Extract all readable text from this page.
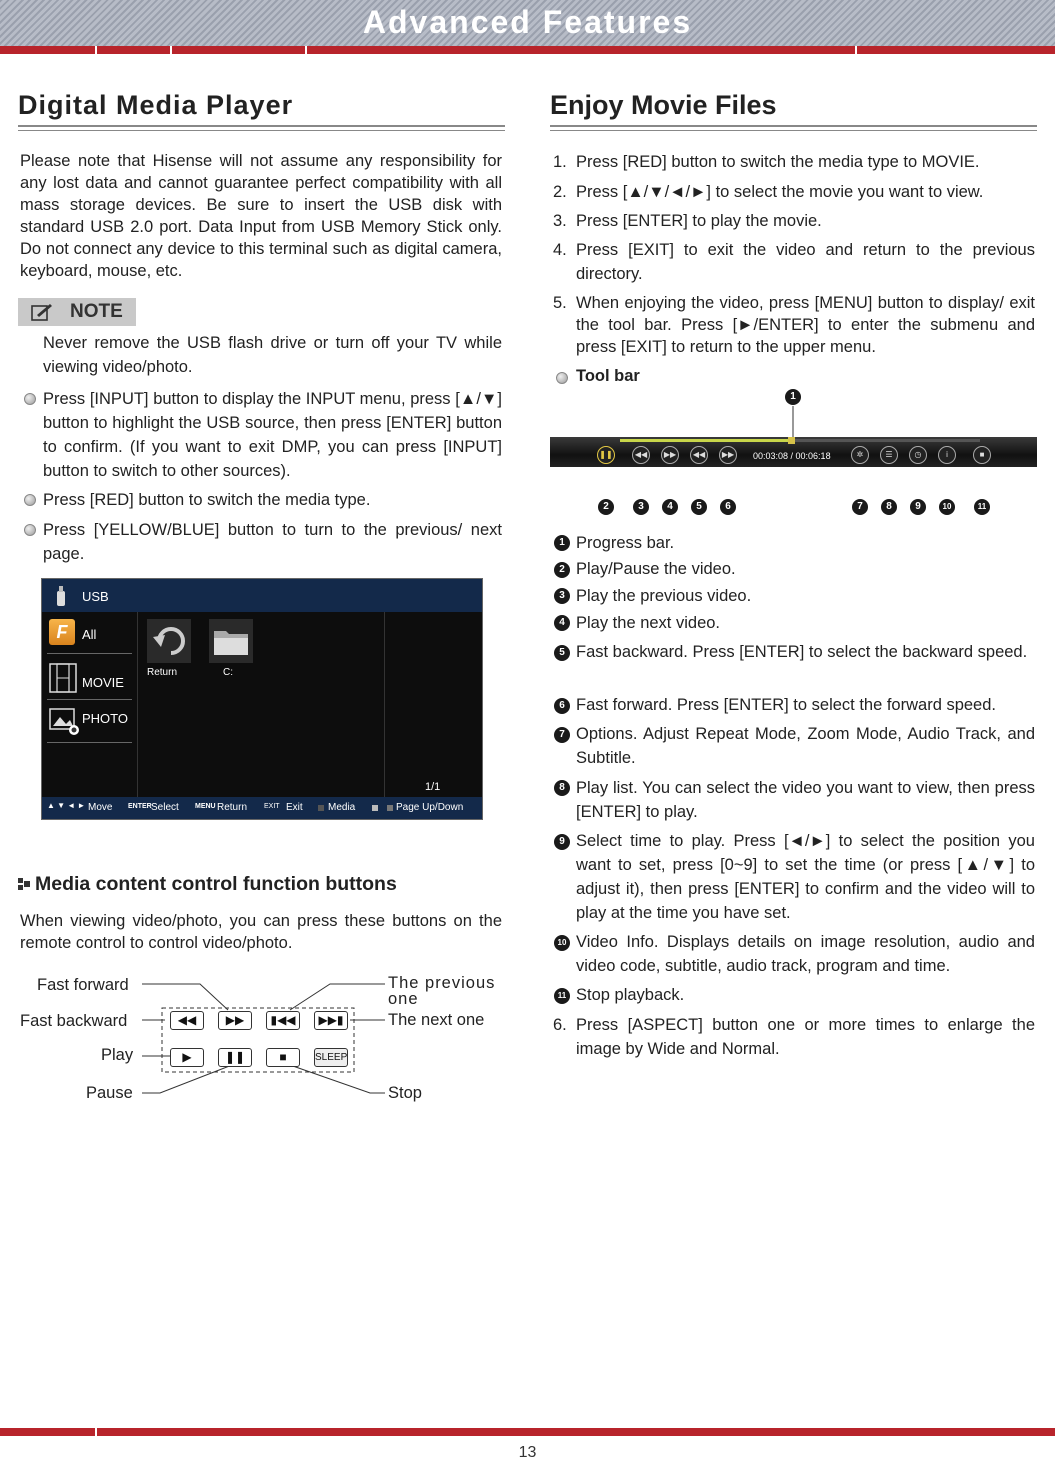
Advanced Features
Digital Media Player
Please note that Hisense will not assume any responsibility for any lost data and cannot guarantee perfect compatibility with all mass storage devices. Be sure to insert the USB disk with standard USB 2.0 port. Data Input from USB Memory Stick only. Do not connect any device to this terminal such as digital camera, keyboard, mouse, etc.
NOTE
Never remove the USB flash drive or turn off your TV while viewing video/photo.
Press [INPUT] button to display the INPUT menu, press [▲/▼] button to highlight the USB source, then press [ENTER] button to confirm. (If you want to exit DMP, you can press [INPUT] button to switch to other sources).
Press [RED] button to switch the media type.
Press [YELLOW/BLUE] button to turn to the previous/ next page.
USB
F	All
MOVIE
PHOTO
Return	C:
1/1
▲ ▼ ◄ ► Move ENTER Select MENU Return EXIT Exit	Media	Page Up/Down
Media content control function buttons
When viewing video/photo, you can press these buttons on the remote control to control video/photo.
Fast forward
Fast backward
Play
Pause
The previous one
The next one
Stop
◀◀	▶▶	▮◀◀	▶▶▮
▶	❚❚	■	SLEEP
Enjoy Movie Files
1. Press [RED] button to switch the media type to MOVIE.
2. Press [▲/▼/◄/►] to select the movie you want to view.
3. Press [ENTER] to play the movie.
4. Press [EXIT] to exit the video and return to the previous directory.
5. When enjoying the video, press [MENU] button to display/ exit the tool bar. Press [►/ENTER] to enter the submenu and press [EXIT] to return to the upper menu.
Tool bar
1
❚❚	◀◀	▶▶	◀◀	▶▶	00:03:08 / 00:06:18	✲	☰	◷	i	■
2	3	4	5	6	7	8	9	10	11
1 Progress bar.
2 Play/Pause the video.
3 Play the previous video.
4 Play the next video.
5 Fast backward. Press [ENTER] to select the backward speed.
6 Fast forward. Press [ENTER] to select the forward speed.
7 Options. Adjust Repeat Mode, Zoom Mode, Audio Track, and Subtitle.
8 Play list. You can select the video you want to view, then press [ENTER] to play.
9 Select time to play. Press [◄/►] to select the position you want to set, press [0~9] to set the time (or press [▲/▼] to adjust it), then press [ENTER] to confirm and the video will to play at the time you have set.
10 Video Info. Displays details on image resolution, audio and video code, subtitle, audio track, program and time.
11 Stop playback.
6. Press [ASPECT] button one or more times to enlarge the image by Wide and Normal.
13
